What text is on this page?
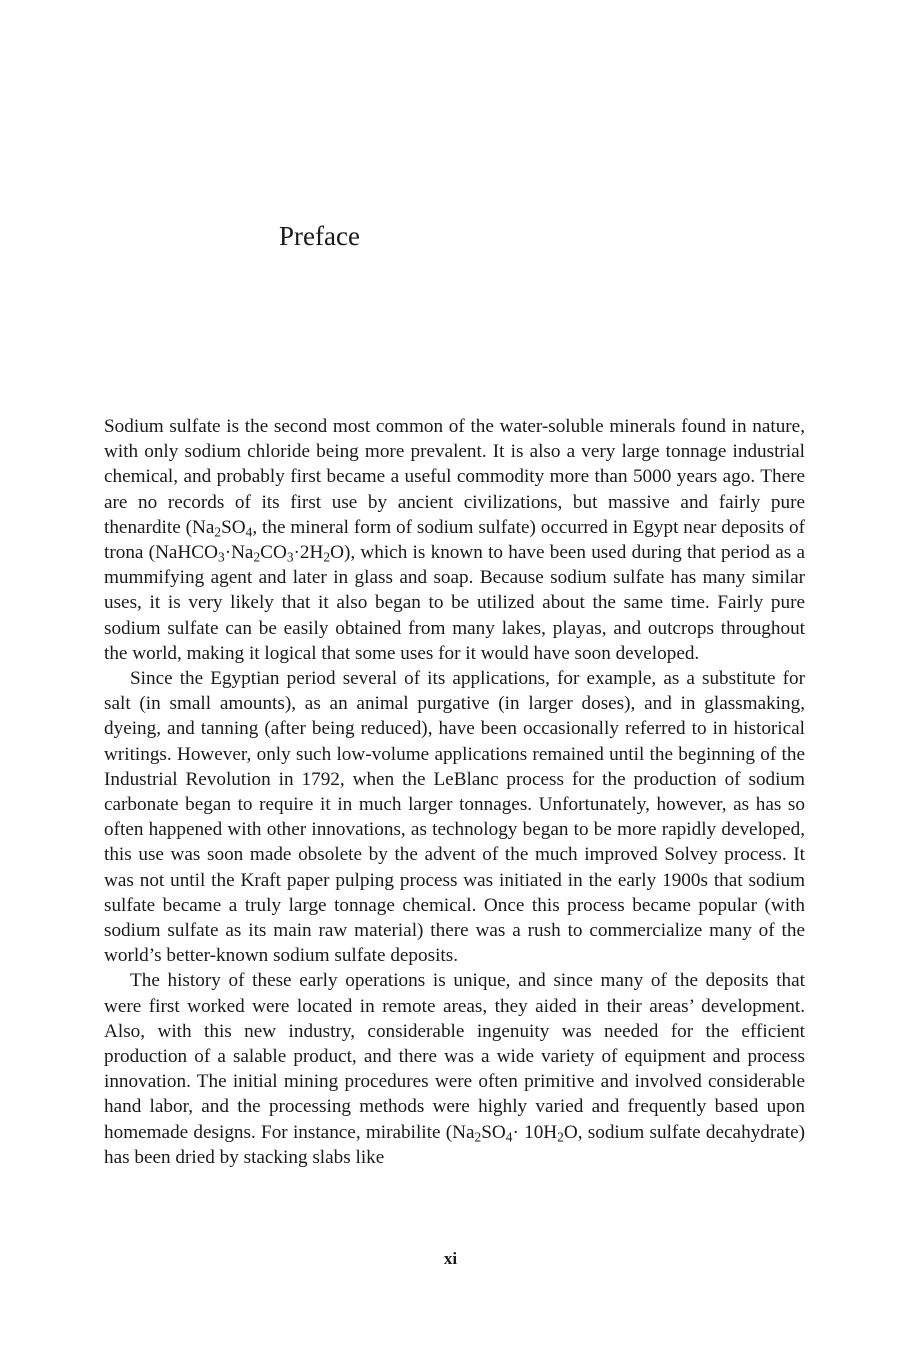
Preface

Sodium sulfate is the second most common of the water-soluble minerals found in nature, with only sodium chloride being more prevalent. It is also a very large tonnage industrial chemical, and probably first became a useful commodity more than 5000 years ago. There are no records of its first use by ancient civilizations, but massive and fairly pure thenardite ($Na_2SO_4$, the mineral form of sodium sulfate) occurred in Egypt near deposits of trona $(NaHCO_3\cdot Na_2CO_3\cdot 2H_2O)$, which is known to have been used during that period as a mummifying agent and later in glass and soap. Because sodium sulfate has many similar uses, it is very likely that it also began to be utilized about the same time. Fairly pure sodium sulfate can be easily obtained from many lakes, playas, and outcrops throughout the world, making it logical that some uses for it would have soon developed.

Since the Egyptian period several of its applications, for example, as a substitute for salt (in small amounts), as an animal purgative (in larger doses), and in glassmaking, dyeing, and tanning (after being reduced), have been occasionally referred to in historical writings. However, only such low-volume applications remained until the beginning of the Industrial Revolution in 1792, when the LeBlanc process for the production of sodium carbonate began to require it in much larger tonnages. Unfortunately, however, as has so often happened with other innovations, as technology began to be more rapidly developed, this use was soon made obsolete by the advent of the much improved Solvey process. It was not until the Kraft paper pulping process was initiated in the early 1900s that sodium sulfate became a truly large tonnage chemical. Once this process became popular (with sodium sulfate as its main raw material) there was a rush to commercialize many of the world’s better-known sodium sulfate deposits.

The history of these early operations is unique, and since many of the deposits that were first worked were located in remote areas, they aided in their areas’ development. Also, with this new industry, considerable ingenuity was needed for the efficient production of a salable product, and there was a wide variety of equipment and process innovation. The initial mining procedures were often primitive and involved considerable hand labor, and the processing methods were highly varied and frequently based upon homemade designs. For instance, mirabilite ($Na_2SO_4\cdot 10H_2O$, sodium sulfate decahydrate) has been dried by stacking slabs like

xi
